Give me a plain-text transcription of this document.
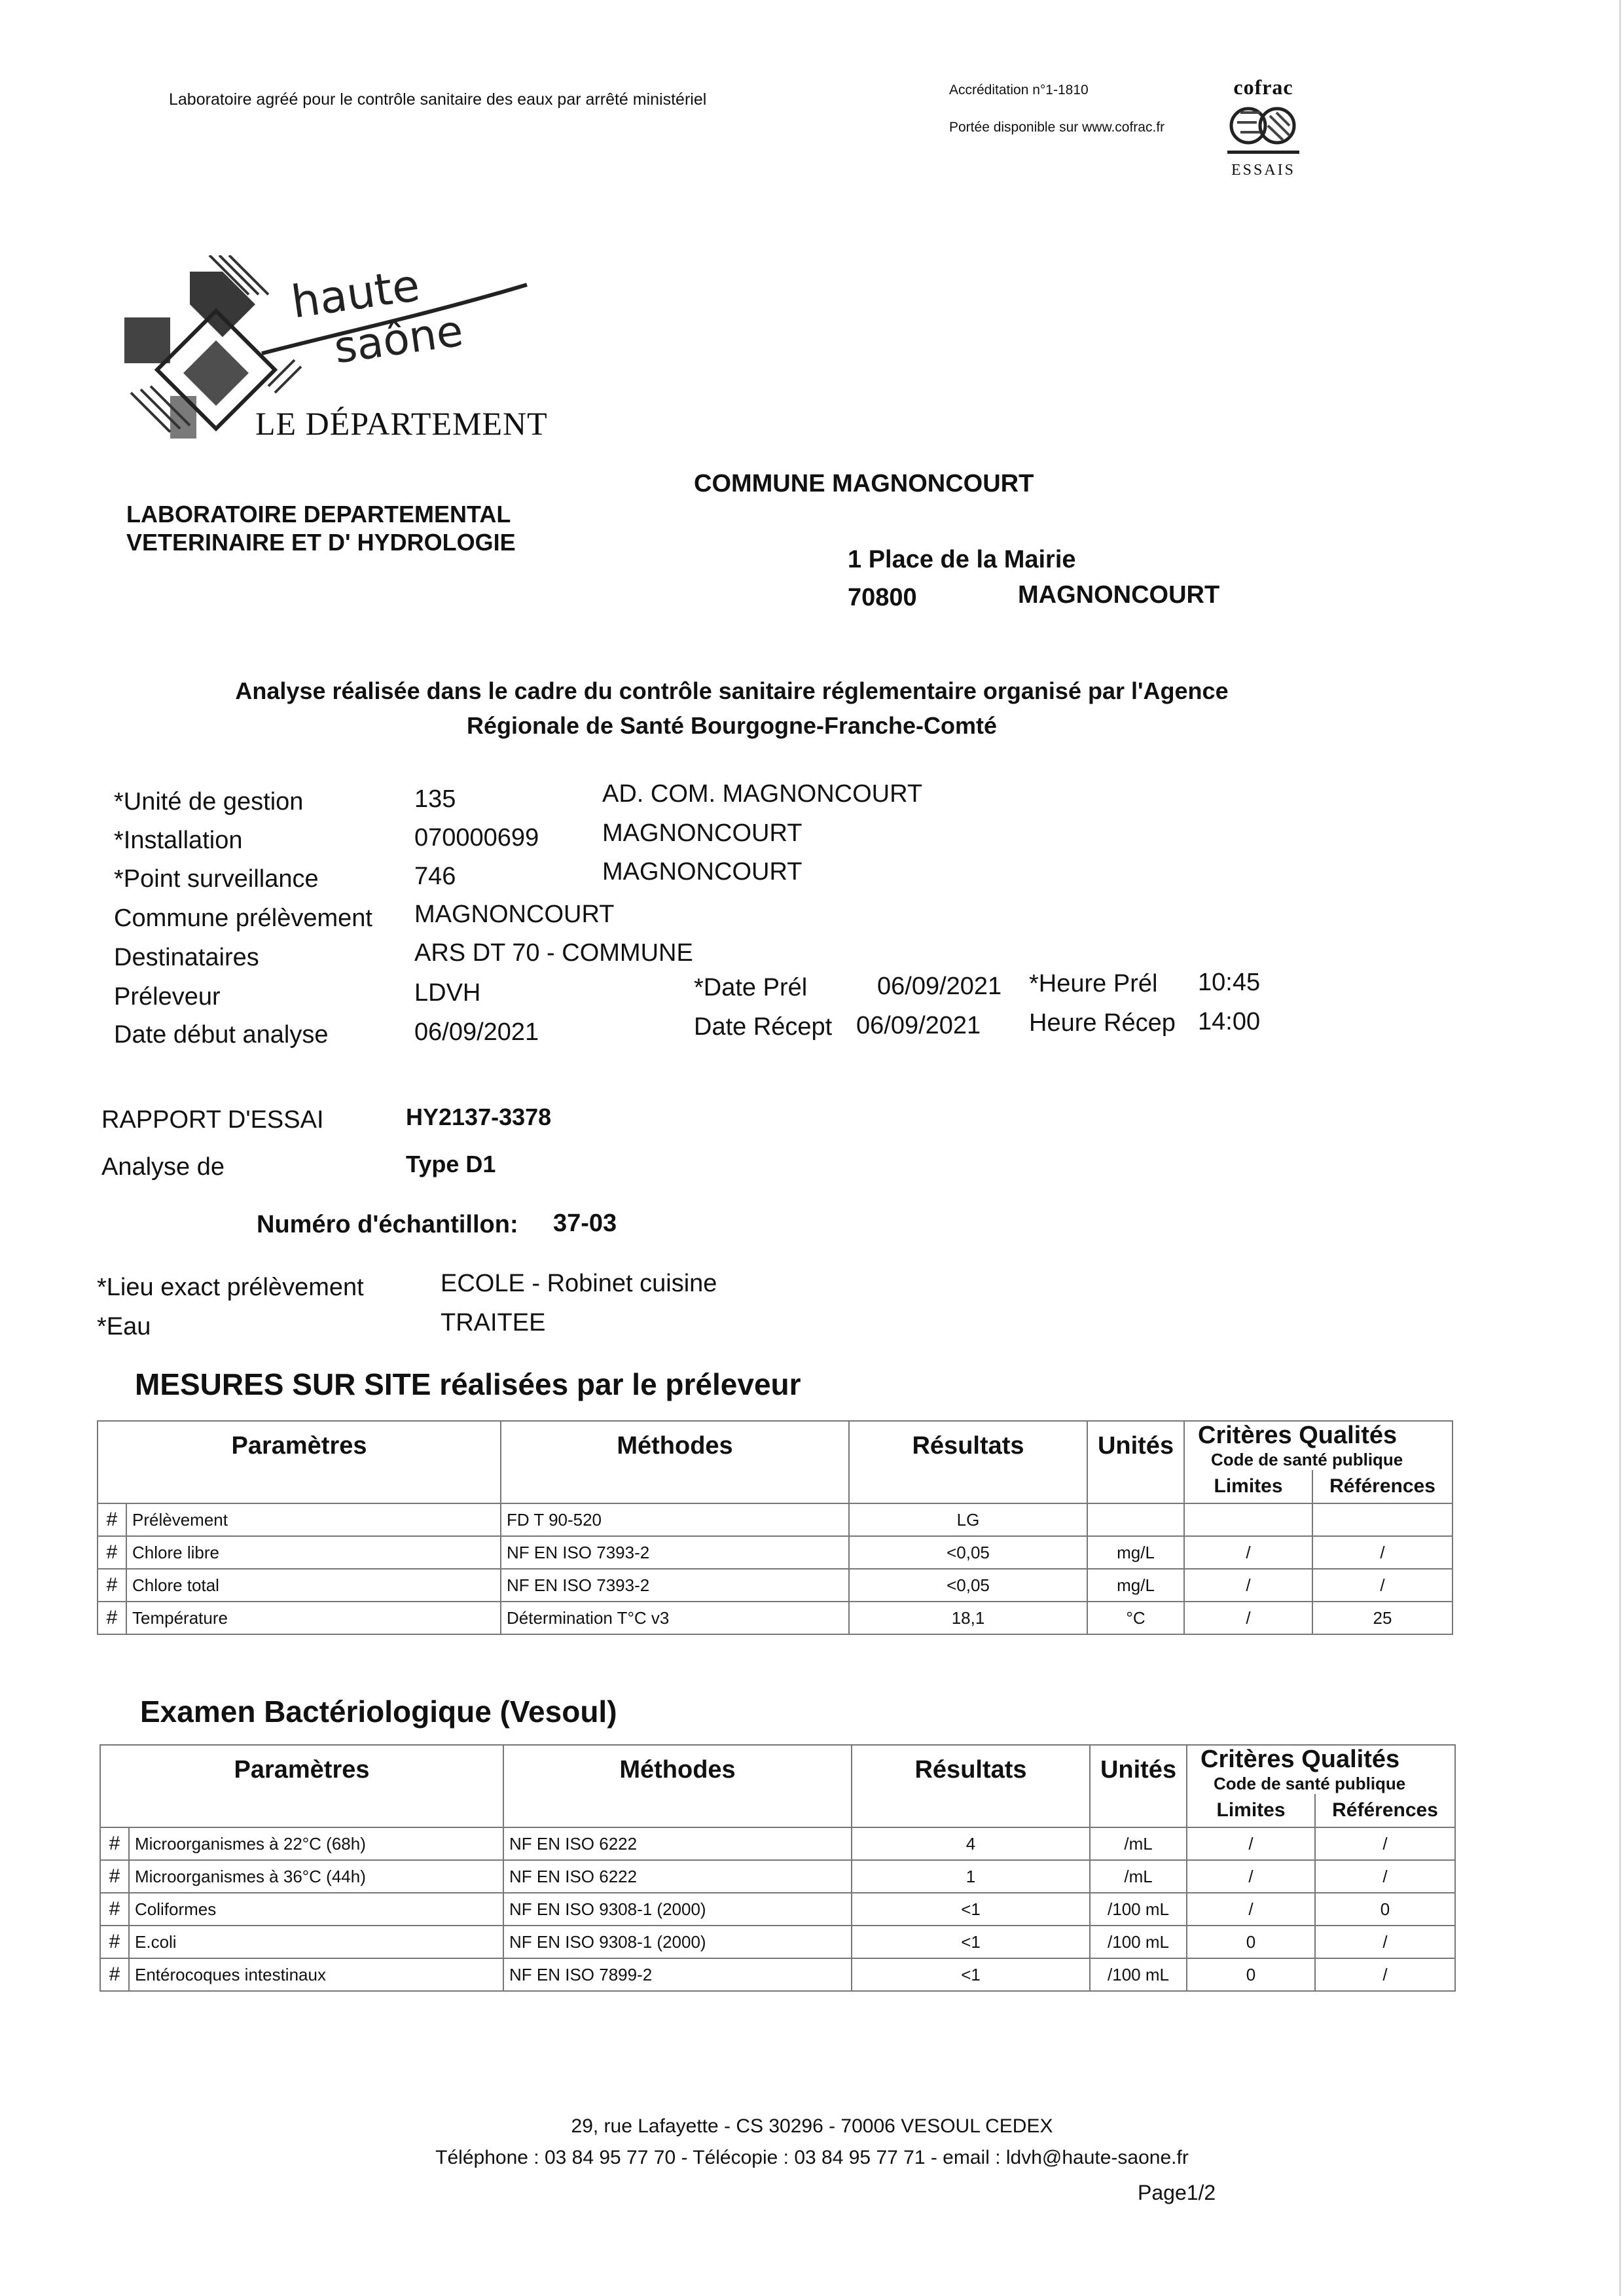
Laboratoire agréé pour le contrôle sanitaire des eaux par arrêté ministériel
Accréditation n°1-1810
Portée disponible sur www.cofrac.fr
cofrac
ESSAIS
haute
saône
LE DÉPARTEMENT
LABORATOIRE DEPARTEMENTAL
VETERINAIRE ET D' HYDROLOGIE
COMMUNE MAGNONCOURT
1 Place de la Mairie
70800	MAGNONCOURT
Analyse réalisée dans le cadre du contrôle sanitaire réglementaire organisé par l'Agence
Régionale de Santé Bourgogne-Franche-Comté
*Unité de gestion	135	AD. COM. MAGNONCOURT
*Installation	070000699	MAGNONCOURT
*Point surveillance	746	MAGNONCOURT
Commune prélèvement MAGNONCOURT
Destinataires	ARS DT 70 - COMMUNE
Préleveur	LDVH	*Date Prél	06/09/2021 *Heure Prél 10:45
Date début analyse	06/09/2021	Date Récept 06/09/2021 Heure Récep 14:00
RAPPORT D'ESSAI	HY2137-3378
Analyse de	Type D1
Numéro d'échantillon: 37-03
*Lieu exact prélèvement	ECOLE - Robinet cuisine
*Eau	TRAITEE
MESURES SUR SITE réalisées par le préleveur
Paramètres		Méthodes	Résultats	Unités	Critères Qualités
Code de santé publique	

					Limites	Références
#	Prélèvement	FD T 90-520	LG			
#	Chlore libre	NF EN ISO 7393-2	<0,05	mg/L	/	/
#	Chlore total	NF EN ISO 7393-2	<0,05	mg/L	/	/
#	Température	Détermination T°C v3	18,1	°C	/	25
Examen Bactériologique (Vesoul)
Paramètres		Méthodes	Résultats	Unités	Critères Qualités
Code de santé publique	

					Limites	Références
#	Microorganismes à 22°C (68h)	NF EN ISO 6222	4	/mL	/	/
#	Microorganismes à 36°C (44h)	NF EN ISO 6222	1	/mL	/	/
#	Coliformes	NF EN ISO 9308-1 (2000)	<1	/100 mL	/	0
#	E.coli	NF EN ISO 9308-1 (2000)	<1	/100 mL	0	/
#	Entérocoques intestinaux	NF EN ISO 7899-2	<1	/100 mL	0	/
29, rue Lafayette - CS 30296 - 70006 VESOUL CEDEX
Téléphone : 03 84 95 77 70 - Télécopie : 03 84 95 77 71 - email : ldvh@haute-saone.fr
Page1/2
